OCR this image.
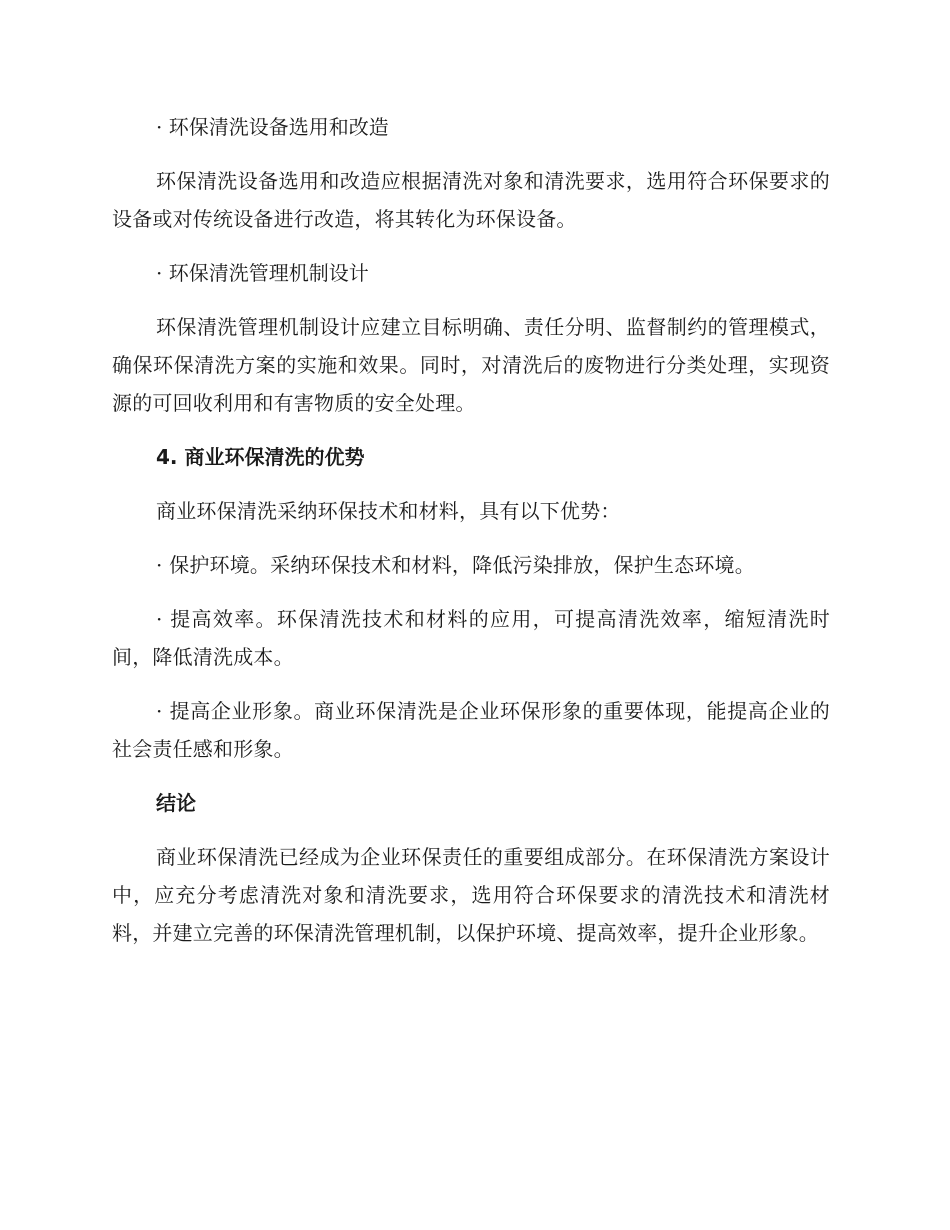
· 环保清洗设备选用和改造

环保清洗设备选用和改造应根据清洗对象和清洗要求，选用符合环保要求的设备或对传统设备进行改造，将其转化为环保设备。

· 环保清洗管理机制设计

环保清洗管理机制设计应建立目标明确、责任分明、监督制约的管理模式，确保环保清洗方案的实施和效果。同时，对清洗后的废物进行分类处理，实现资源的可回收利用和有害物质的安全处理。

4. 商业环保清洗的优势

商业环保清洗采纳环保技术和材料，具有以下优势：

· 保护环境。采纳环保技术和材料，降低污染排放，保护生态环境。

· 提高效率。环保清洗技术和材料的应用，可提高清洗效率，缩短清洗时间，降低清洗成本。

· 提高企业形象。商业环保清洗是企业环保形象的重要体现，能提高企业的社会责任感和形象。

结论

商业环保清洗已经成为企业环保责任的重要组成部分。在环保清洗方案设计中，应充分考虑清洗对象和清洗要求，选用符合环保要求的清洗技术和清洗材料，并建立完善的环保清洗管理机制，以保护环境、提高效率，提升企业形象。
